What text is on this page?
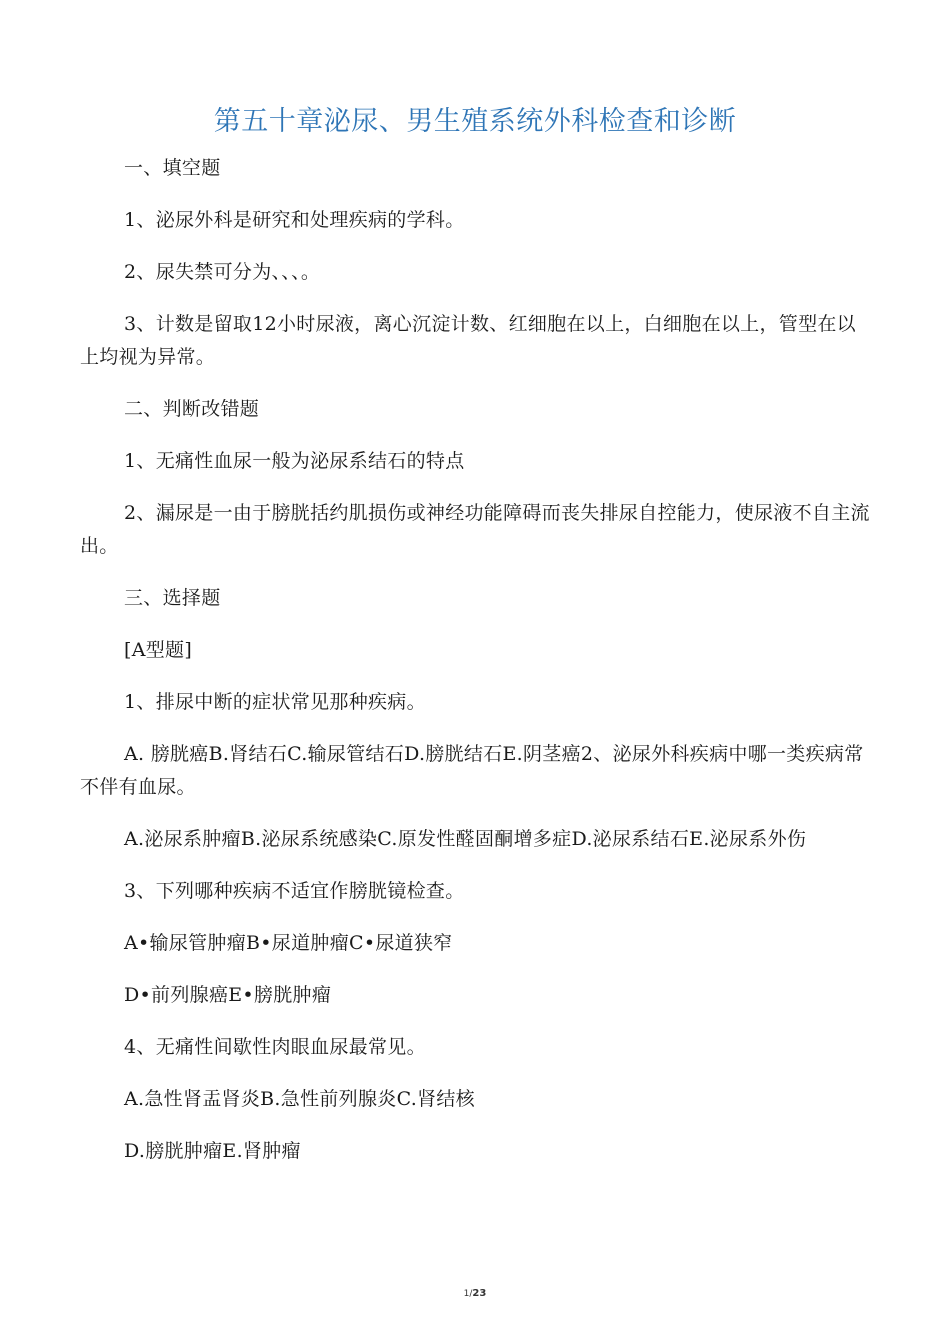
第五十章泌尿、男生殖系统外科检查和诊断

一、填空题

1、泌尿外科是研究和处理疾病的学科。

2、尿失禁可分为、、、。

3、计数是留取12小时尿液，离心沉淀计数、红细胞在以上，白细胞在以上，管型在以上均视为异常。

二、判断改错题

1、无痛性血尿一般为泌尿系结石的特点

2、漏尿是一由于膀胱括约肌损伤或神经功能障碍而丧失排尿自控能力，使尿液不自主流出。

三、选择题

[A型题]

1、排尿中断的症状常见那种疾病。

A. 膀胱癌B.肾结石C.输尿管结石D.膀胱结石E.阴茎癌2、泌尿外科疾病中哪一类疾病常不伴有血尿。

A.泌尿系肿瘤B.泌尿系统感染C.原发性醛固酮增多症D.泌尿系结石E.泌尿系外伤

3、下列哪种疾病不适宜作膀胱镜检查。

A•输尿管肿瘤B•尿道肿瘤C•尿道狭窄

D•前列腺癌E•膀胱肿瘤

4、无痛性间歇性肉眼血尿最常见。

A.急性肾盂肾炎B.急性前列腺炎C.肾结核

D.膀胱肿瘤E.肾肿瘤

1/23
